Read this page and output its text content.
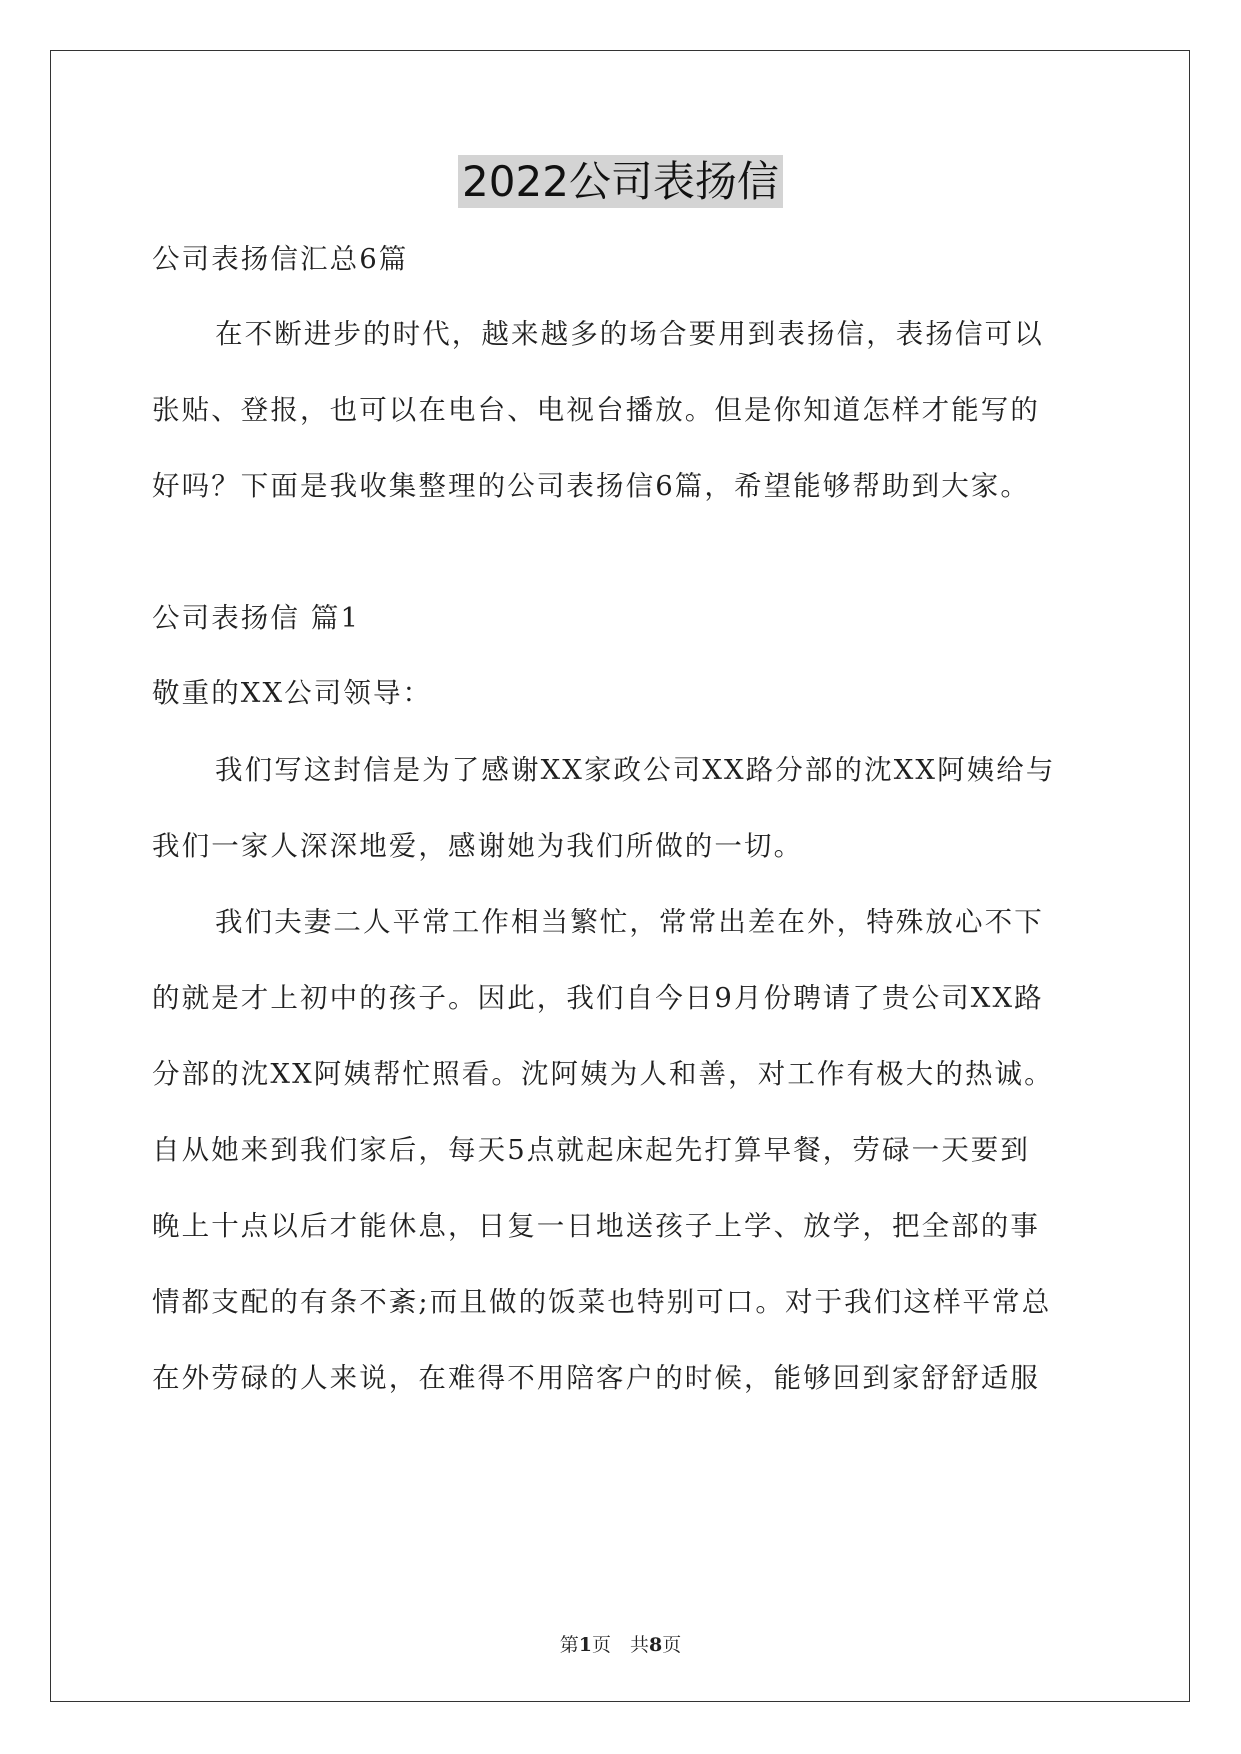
2022公司表扬信
公司表扬信汇总6篇
在不断进步的时代，越来越多的场合要用到表扬信，表扬信可以
张贴、登报，也可以在电台、电视台播放。但是你知道怎样才能写的
好吗？下面是我收集整理的公司表扬信6篇，希望能够帮助到大家。
公司表扬信 篇1
敬重的XX公司领导：
我们写这封信是为了感谢XX家政公司XX路分部的沈XX阿姨给与
我们一家人深深地爱，感谢她为我们所做的一切。
我们夫妻二人平常工作相当繁忙，常常出差在外，特殊放心不下
的就是才上初中的孩子。因此，我们自今日9月份聘请了贵公司XX路
分部的沈XX阿姨帮忙照看。沈阿姨为人和善，对工作有极大的热诚。
自从她来到我们家后，每天5点就起床起先打算早餐，劳碌一天要到
晚上十点以后才能休息，日复一日地送孩子上学、放学，把全部的事
情都支配的有条不紊;而且做的饭菜也特别可口。对于我们这样平常总
在外劳碌的人来说，在难得不用陪客户的时候，能够回到家舒舒适服
第1页　共8页
